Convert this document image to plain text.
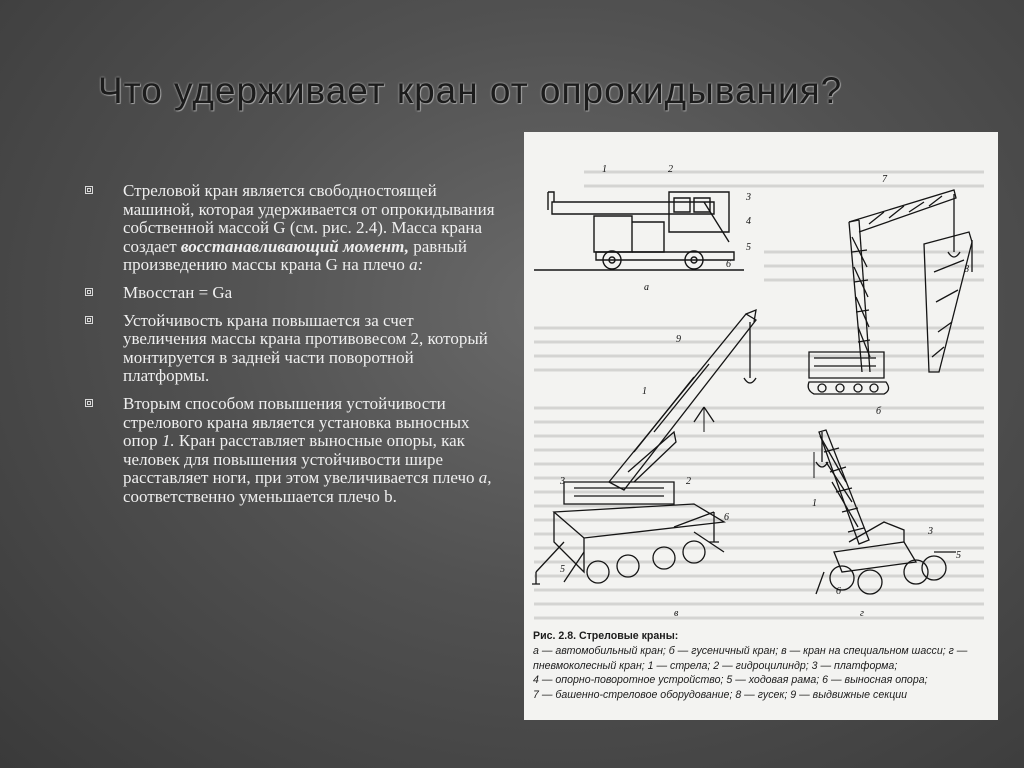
Что удерживает кран от опрокидывания?
Стреловой кран является свободностоящей машиной, которая удерживается от опрокидывания собственной массой G (см. рис. 2.4). Масса крана создает восстанавливающий момент, равный произведению массы крана G на плечо а:
Мвосстан = Gа
Устойчивость крана повышается за счет увеличения массы крана противовесом 2, который монтируется в задней части поворотной платформы.
Вторым способом повышения устойчивости стрелового крана является установка выносных опор 1. Кран расставляет выносные опоры, как человек для повышения устойчивости шире расставляет ноги, при этом увеличивается плечо а, соответственно уменьшается плечо b.
1	2
3
4
5
6
а
7
8
б
9
1
3	2
6
5
в
1
3
5
6
г
Рис. 2.8. Стреловые краны:
а — автомобильный кран; б — гусеничный кран; в — кран на специальном шасси; г — пневмоколесный кран; 1 — стрела; 2 — гидроцилиндр; 3 — платформа;
4 — опорно-поворотное устройство; 5 — ходовая рама; 6 — выносная опора;
7 — башенно-стреловое оборудование; 8 — гусек; 9 — выдвижные секции
